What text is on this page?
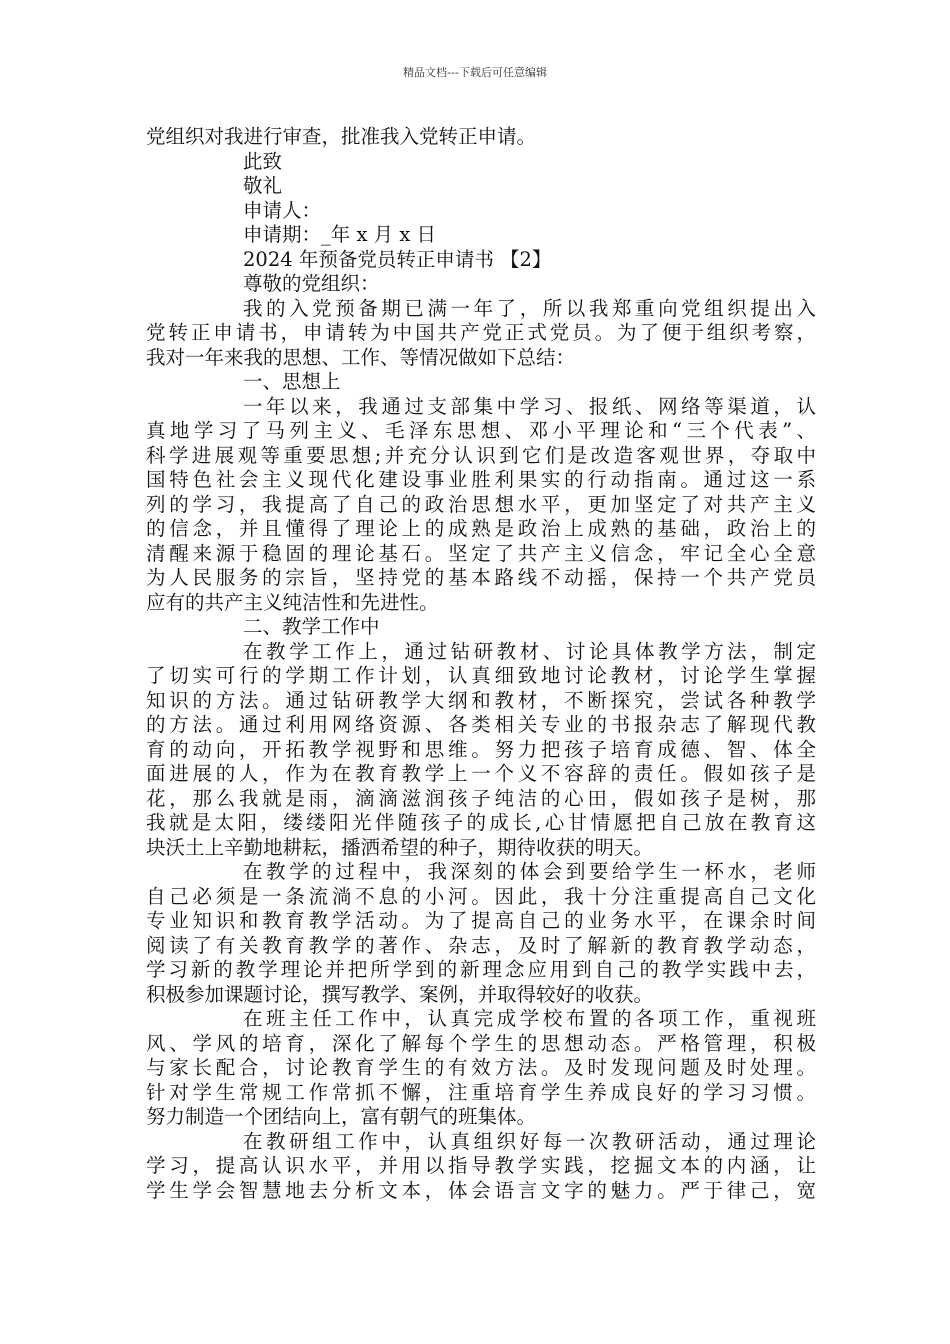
精品文档---下载后可任意编辑
党组织对我进行审查，批准我入党转正申请。
此致
敬礼
申请人：
申请期：_年 x 月 x 日
2024 年预备党员转正申请书 【2】
尊敬的党组织：
我的入党预备期已满一年了，所以我郑重向党组织提出入
党转正申请书，申请转为中国共产党正式党员。为了便于组织考察，
我对一年来我的思想、工作、等情况做如下总结：
一、思想上
一年以来，我通过支部集中学习、报纸、网络等渠道，认
真地学习了马列主义、毛泽东思想、邓小平理论和“三个代表”、
科学进展观等重要思想;并充分认识到它们是改造客观世界，夺取中
国特色社会主义现代化建设事业胜利果实的行动指南。通过这一系
列的学习，我提高了自己的政治思想水平，更加坚定了对共产主义
的信念，并且懂得了理论上的成熟是政治上成熟的基础，政治上的
清醒来源于稳固的理论基石。坚定了共产主义信念，牢记全心全意
为人民服务的宗旨，坚持党的基本路线不动摇，保持一个共产党员
应有的共产主义纯洁性和先进性。
二、教学工作中
在教学工作上，通过钻研教材、讨论具体教学方法，制定
了切实可行的学期工作计划，认真细致地讨论教材，讨论学生掌握
知识的方法。通过钻研教学大纲和教材，不断探究，尝试各种教学
的方法。通过利用网络资源、各类相关专业的书报杂志了解现代教
育的动向，开拓教学视野和思维。努力把孩子培育成德、智、体全
面进展的人，作为在教育教学上一个义不容辞的责任。假如孩子是
花，那么我就是雨，滴滴滋润孩子纯洁的心田，假如孩子是树，那
我就是太阳，缕缕阳光伴随孩子的成长,心甘情愿把自己放在教育这
块沃土上辛勤地耕耘，播洒希望的种子，期待收获的明天。
在教学的过程中，我深刻的体会到要给学生一杯水，老师
自己必须是一条流淌不息的小河。因此，我十分注重提高自己文化
专业知识和教育教学活动。为了提高自己的业务水平，在课余时间
阅读了有关教育教学的著作、杂志，及时了解新的教育教学动态，
学习新的教学理论并把所学到的新理念应用到自己的教学实践中去，
积极参加课题讨论，撰写教学、案例，并取得较好的收获。
在班主任工作中，认真完成学校布置的各项工作，重视班
风、学风的培育，深化了解每个学生的思想动态。严格管理，积极
与家长配合，讨论教育学生的有效方法。及时发现问题及时处理。
针对学生常规工作常抓不懈，注重培育学生养成良好的学习习惯。
努力制造一个团结向上，富有朝气的班集体。
在教研组工作中，认真组织好每一次教研活动，通过理论
学习，提高认识水平，并用以指导教学实践，挖掘文本的内涵，让
学生学会智慧地去分析文本，体会语言文字的魅力。严于律己，宽
